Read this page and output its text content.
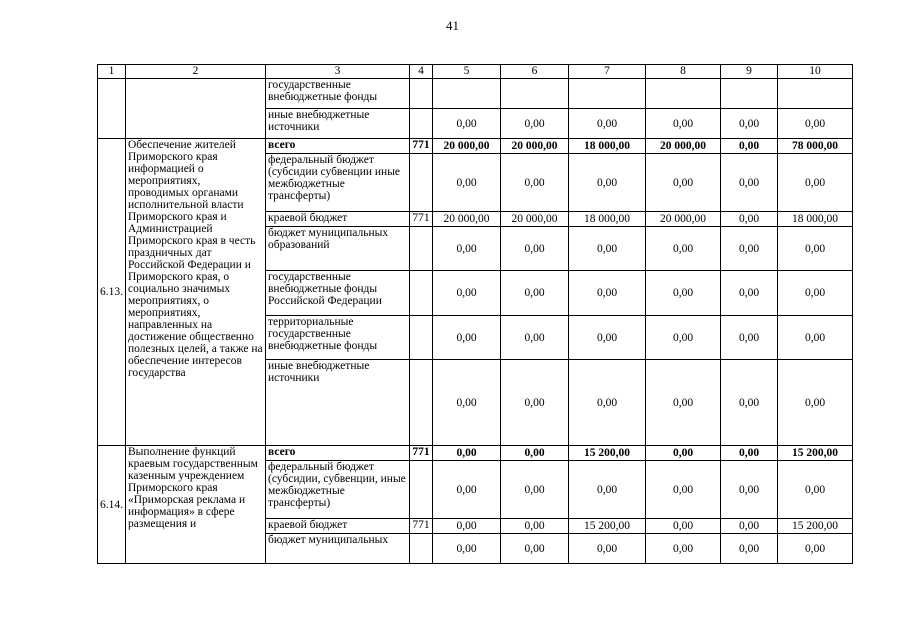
41
1	2	3	4	5	6	7	8	9	10
		государственные внебюджетные фонды							
		иные внебюджетные источники		0,00	0,00	0,00	0,00	0,00	0,00
6.13.	Обеспечение жителей Приморского края информацией о мероприятиях, проводимых органами исполнительной власти Приморского края и Администрацией Приморского края в честь праздничных дат Российской Федерации и Приморского края, о социально значимых мероприятиях, о мероприятиях, направленных на достижение общественно полезных целей, а также на обеспечение интересов государства	всего	771	20 000,00	20 000,00	18 000,00	20 000,00	0,00	78 000,00
		федеральный бюджет (субсидии субвенции иные межбюджетные трансферты)		0,00	0,00	0,00	0,00	0,00	0,00
		краевой бюджет	771	20 000,00	20 000,00	18 000,00	20 000,00	0,00	18 000,00
		бюджет муниципальных образований		0,00	0,00	0,00	0,00	0,00	0,00
		государственные внебюджетные фонды Российской Федерации		0,00	0,00	0,00	0,00	0,00	0,00
		территориальные государственные внебюджетные фонды		0,00	0,00	0,00	0,00	0,00	0,00
		иные внебюджетные источники		0,00	0,00	0,00	0,00	0,00	0,00
6.14.	Выполнение функций краевым государственным казенным учреждением Приморского края «Приморская реклама и информация» в сфере размещения и	всего	771	0,00	0,00	15 200,00	0,00	0,00	15 200,00
		федеральный бюджет (субсидии, субвенции, иные межбюджетные трансферты)		0,00	0,00	0,00	0,00	0,00	0,00
		краевой бюджет	771	0,00	0,00	15 200,00	0,00	0,00	15 200,00
		бюджет муниципальных		0,00	0,00	0,00	0,00	0,00	0,00
